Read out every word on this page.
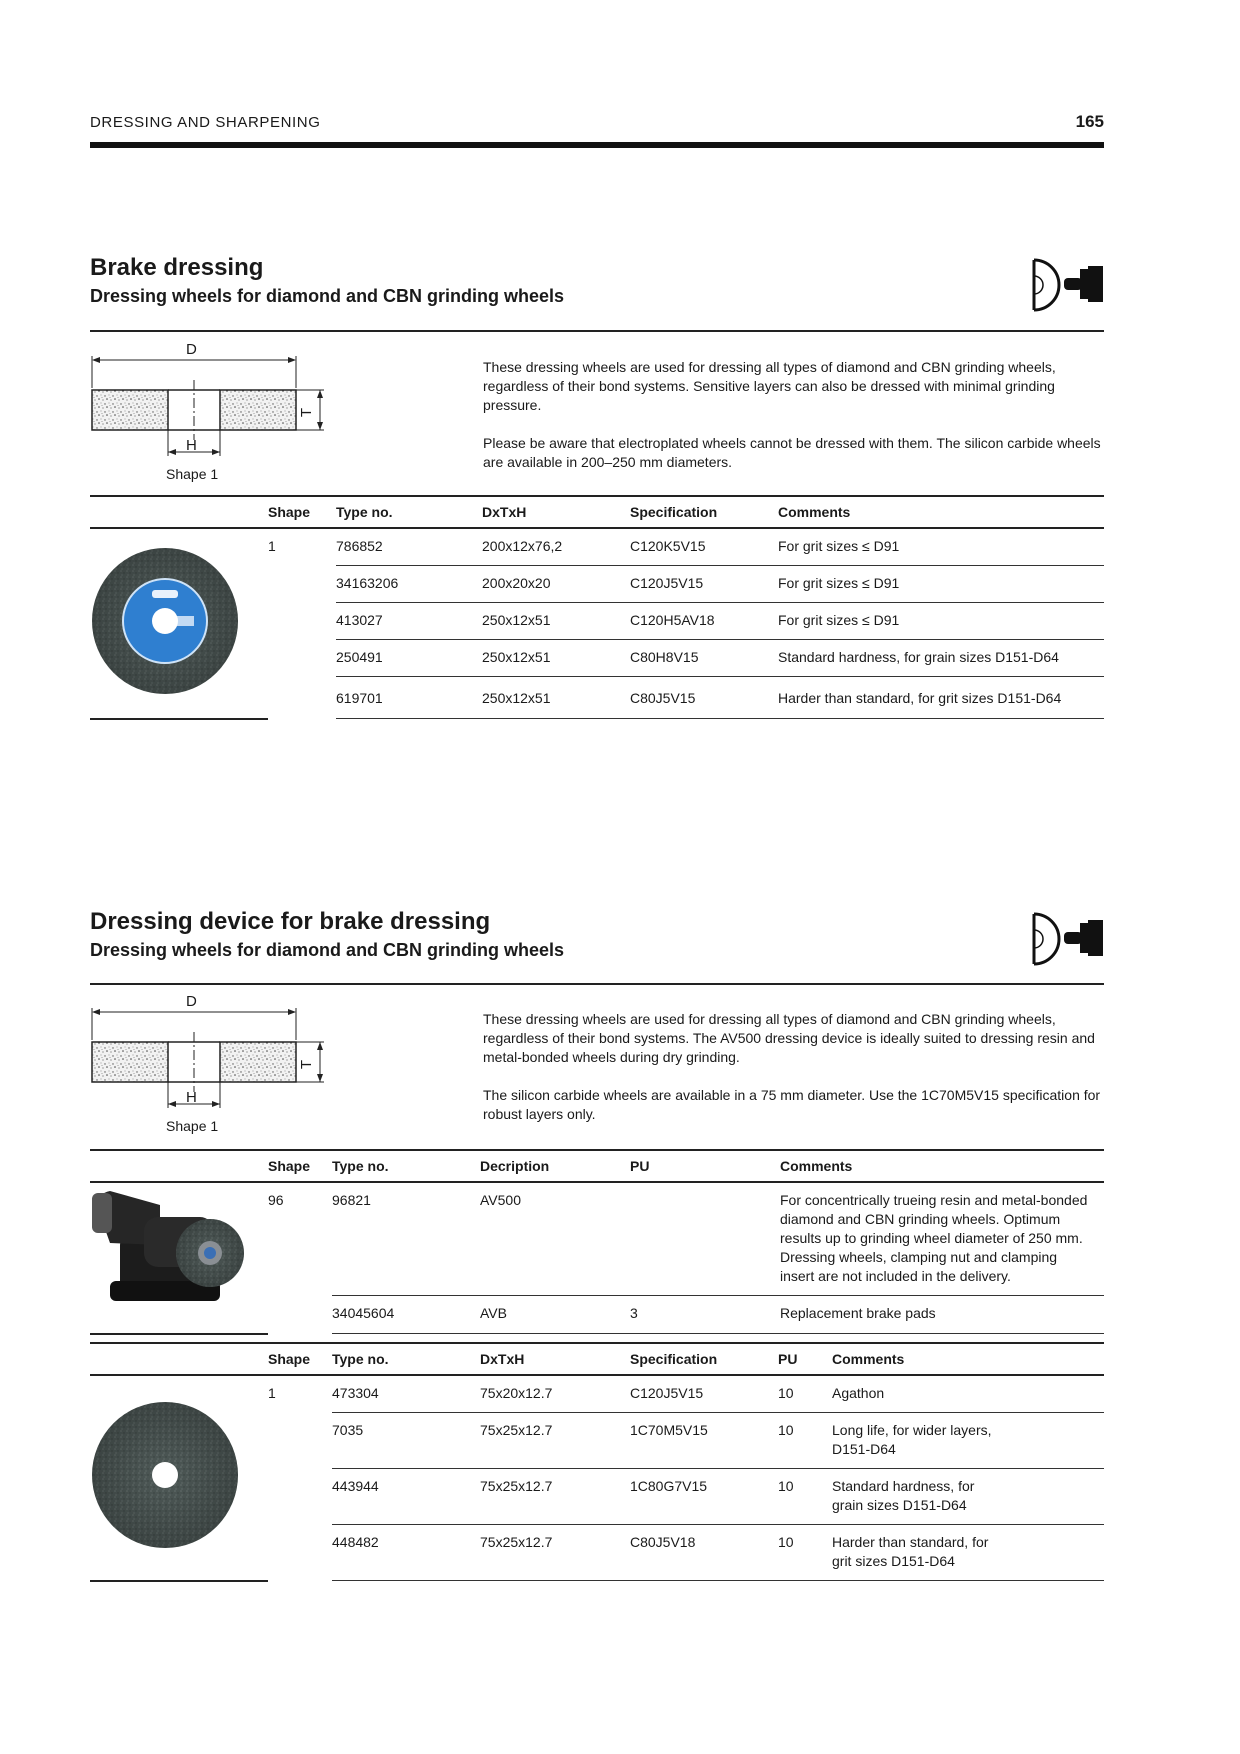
DRESSING AND SHARPENING	165
Brake dressing
Dressing wheels for diamond and CBN grinding wheels
D
H
T
Shape 1

These dressing wheels are used for dressing all types of diamond and CBN grinding wheels, regardless of their bond systems. Sensitive layers can also be dressed with minimal grinding pressure.

Please be aware that electroplated wheels cannot be dressed with them. The silicon carbide wheels are available in 200–250 mm diameters.

	Shape	Type no.	DxTxH	Specification	Comments
	1	786852	200x12x76,2	C120K5V15	For grit sizes ≤ D91
		34163206	200x20x20	C120J5V15	For grit sizes ≤ D91
		413027	250x12x51	C120H5AV18	For grit sizes ≤ D91
		250491	250x12x51	C80H8V15	Standard hardness, for grain sizes D151-D64
		619701	250x12x51	C80J5V15	Harder than standard, for grit sizes D151-D64
Dressing device for brake dressing
Dressing wheels for diamond and CBN grinding wheels
D
H
T
Shape 1

These dressing wheels are used for dressing all types of diamond and CBN grinding wheels, regardless of their bond systems. The AV500 dressing device is ideally suited to dressing resin and metal-bonded wheels during dry grinding.

The silicon carbide wheels are available in a 75 mm diameter. Use the 1C70M5V15 specification for robust layers only.

	Shape	Type no.	Decription	PU	Comments
	96	96821	AV500		For concentrically trueing resin and metal-bonded diamond and CBN grinding wheels. Optimum results up to grinding wheel diameter of 250 mm. Dressing wheels, clamping nut and clamping insert are not included in the delivery.
		34045604	AVB	3	Replacement brake pads
	Shape	Type no.	DxTxH	Specification	PU	Comments
	1	473304	75x20x12.7	C120J5V15	10	Agathon
		7035	75x25x12.7	1C70M5V15	10	Long life, for wider layers, D151-D64
		443944	75x25x12.7	1C80G7V15	10	Standard hardness, for grain sizes D151-D64
		448482	75x25x12.7	C80J5V18	10	Harder than standard, for grit sizes D151-D64
